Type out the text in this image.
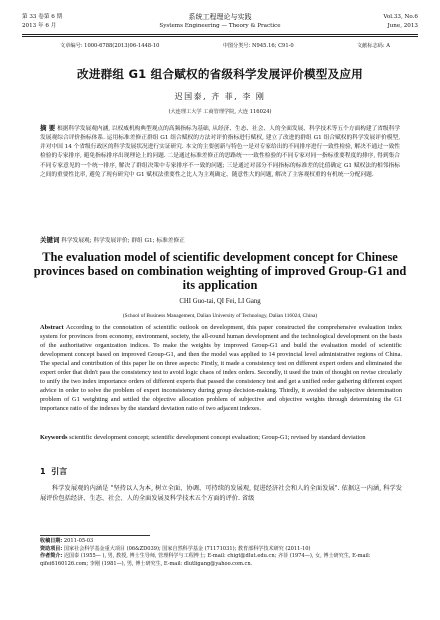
第 33 卷第 6 期	系统工程理论与实践	Vol.33, No.6
2013 年 6 月	Systems Engineering — Theory & Practice	June, 2013
文章编号: 1000-6788(2013)06-1448-10	中图分类号: N945.16; C91-0	文献标志码: A
改进群组 G1 组合赋权的省级科学发展评价模型及应用
迟国泰, 齐 菲, 李 刚
(大连理工大学 工商管理学院, 大连 116024)
摘 要 根据科学发展观内涵, 以权威机构典型观点的高频指标为基础, 从经济、生态、社会、人的全面发展、科学技术等五个方面构建了省级科学发展观综合评价指标体系. 运用标准差修正群组 G1 组合赋权的方法对评价指标进行赋权, 建立了改进的群组 G1 组合赋权的科学发展评价模型, 并对中国 14 个省级行政区的科学发展状况进行实证研究. 本文的主要创新与特色一是对专家给出的不同排序进行一致性检验, 解决不通过一致性检验的专家排序, 避免指标排序出现理论上的问题. 二是通过标准差修正的思路统一一致性检验的不同专家对同一指标重要程度的排序, 得到集合不同专家意见的一个统一排序, 解决了群组决策中专家排序不一致的问题; 三是通过对部分不同指标的标准差的比值确定 G1 赋权法的相邻指标之间的重要性比率, 避免了现有研究中 G1 赋权法重要性之比人为主观确定、随意性大的问题, 解决了主客观权重的有机统一分配问题.
关键词 科学发展观; 科学发展评价; 群组 G1; 标准差修正
The evaluation model of scientific development concept for Chinese provinces based on combination weighting of improved Group-G1 and its application
CHI Guo-tai, QI Fei, LI Gang
(School of Business Management, Dalian University of Technology, Dalian 116024, China)
Abstract According to the connotation of scientific outlook on development, this paper constructed the comprehensive evaluation index system for provinces from economy, environment, society, the all-round human development and the technological development on the basis of the authoritative organization indices. To make the weights by improved Group-G1 and build the evaluation model of scientific development concept based on improved Group-G1, and then the model was applied to 14 provincial level administrative regions of China. The special and contribution of this paper lie on three aspects: Firstly, it made a consistency test on different expert orders and eliminated the expert order that didn't pass the consistency test to avoid logic chaos of index orders. Secondly, it used the train of thought on revise circularly to unify the two index importance orders of different experts that passed the consistency test and get a unified order gathering different expert advice in order to solve the problem of expert inconsistency during group decision-making. Thirdly, it avoided the subjective determination problem of G1 weighting and settled the objective allocation problem of subjective and objective weights through determining the G1 importance ratio of the indexes by the standard deviation ratio of two adjacent indexes.
Keywords scientific development concept; scientific development concept evaluation; Group-G1; revised by standard deviation
1 引言
科学发展观的内涵是 "坚持以人为本, 树立全面、协调、可持续的发展观, 促进经济社会和人的全面发展". 依据这一内涵, 科学发展评价包括经济、生态、社会、人的全面发展及科学技术五个方面的评价. 省级
收稿日期: 2011-05-03
资助项目: 国家社会科学基金重大项目 (06&ZD039); 国家自然科学基金 (71171031); 教育部科学技术研究 (2011-10)
作者简介: 迟国泰 (1955— ), 男, 教授, 博士生导师, 管理科学与工程博士; E-mail: chigt@dlut.edu.cn; 齐菲 (1974—), 女, 博士研究生, E-mail: qifei6160126.com; 李刚 (1981—), 男, 博士研究生, E-mail: dlutligang@yahoo.com.cn.
